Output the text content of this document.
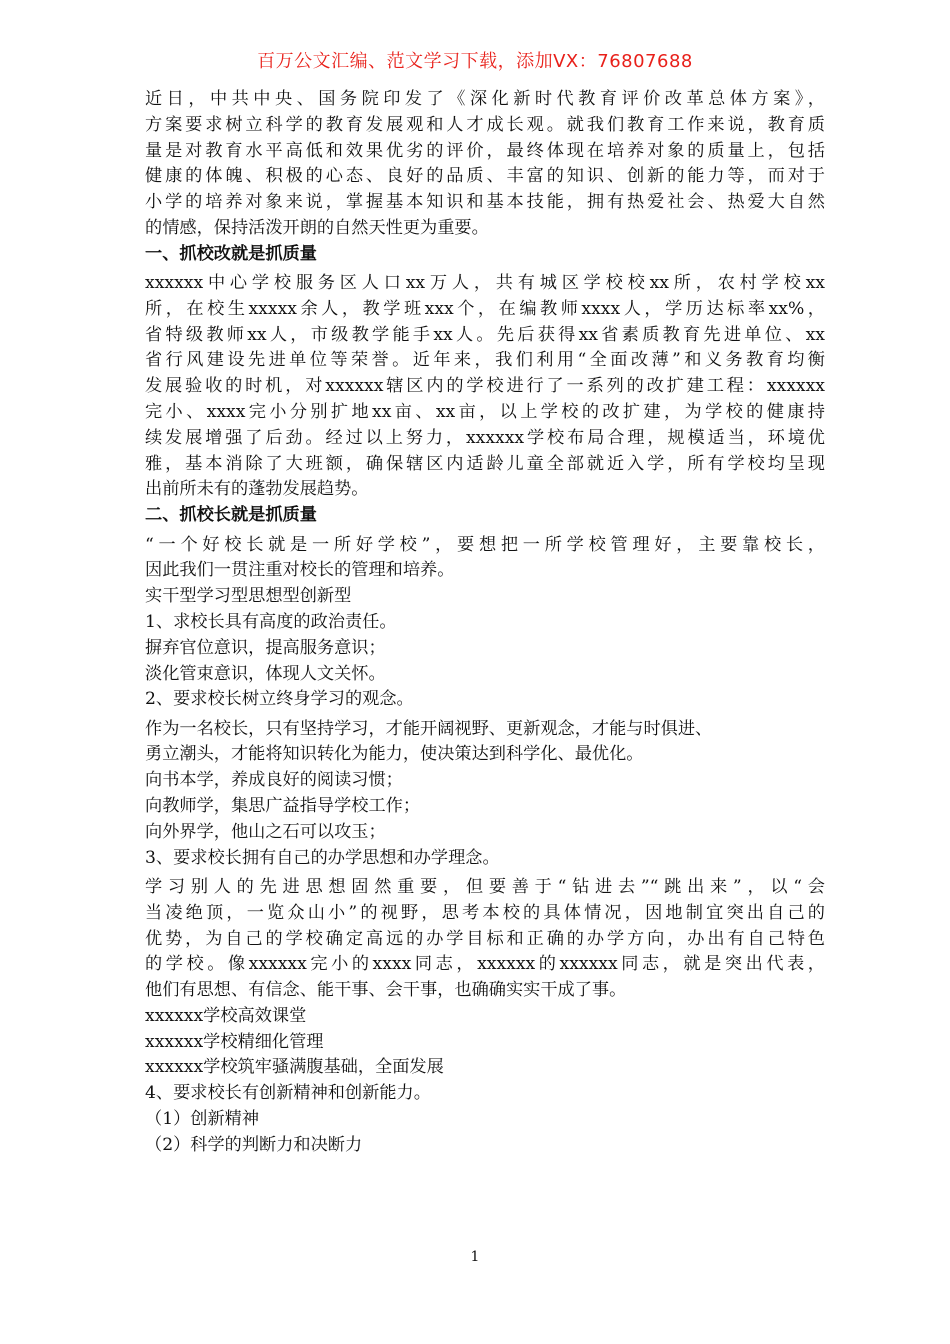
百万公文汇编、范文学习下载，添加VX：76807688

近日，中共中央、国务院印发了《深化新时代教育评价改革总体方案》，

方案要求树立科学的教育发展观和人才成长观。就我们教育工作来说，教育质

量是对教育水平高低和效果优劣的评价，最终体现在培养对象的质量上，包括

健康的体魄、积极的心态、良好的品质、丰富的知识、创新的能力等，而对于

小学的培养对象来说，掌握基本知识和基本技能，拥有热爱社会、热爱大自然

的情感，保持活泼开朗的自然天性更为重要。

一、抓校改就是抓质量

xxxxxx中心学校服务区人口xx万人，共有城区学校校xx所，农村学校xx

所，在校生xxxxx余人，教学班xxx个，在编教师xxxx人，学历达标率xx%，

省特级教师xx人，市级教学能手xx人。先后获得xx省素质教育先进单位、xx

省行风建设先进单位等荣誉。近年来，我们利用“全面改薄”和义务教育均衡

发展验收的时机，对xxxxxx辖区内的学校进行了一系列的改扩建工程：xxxxxx

完小、xxxx完小分别扩地xx亩、xx亩，以上学校的改扩建，为学校的健康持

续发展增强了后劲。经过以上努力，xxxxxx学校布局合理，规模适当，环境优

雅，基本消除了大班额，确保辖区内适龄儿童全部就近入学，所有学校均呈现

出前所未有的蓬勃发展趋势。

二、抓校长就是抓质量

“一个好校长就是一所好学校”，要想把一所学校管理好，主要靠校长，

因此我们一贯注重对校长的管理和培养。

实干型学习型思想型创新型

1、求校长具有高度的政治责任。

摒弃官位意识，提高服务意识；

淡化管束意识，体现人文关怀。

2、要求校长树立终身学习的观念。

作为一名校长，只有坚持学习，才能开阔视野、更新观念，才能与时俱进、

勇立潮头，才能将知识转化为能力，使决策达到科学化、最优化。

向书本学，养成良好的阅读习惯；

向教师学，集思广益指导学校工作；

向外界学，他山之石可以攻玉；

3、要求校长拥有自己的办学思想和办学理念。

学习别人的先进思想固然重要，但要善于“钻进去”“跳出来”，以“会

当凌绝顶，一览众山小”的视野，思考本校的具体情况，因地制宜突出自己的

优势，为自己的学校确定高远的办学目标和正确的办学方向，办出有自己特色

的学校。像xxxxxx完小的xxxx同志，xxxxxx的xxxxxx同志，就是突出代表，

他们有思想、有信念、能干事、会干事，也确确实实干成了事。

xxxxxx学校高效课堂

xxxxxx学校精细化管理

xxxxxx学校筑牢骚满腹基础，全面发展

4、要求校长有创新精神和创新能力。

（1）创新精神

（2）科学的判断力和决断力

1
